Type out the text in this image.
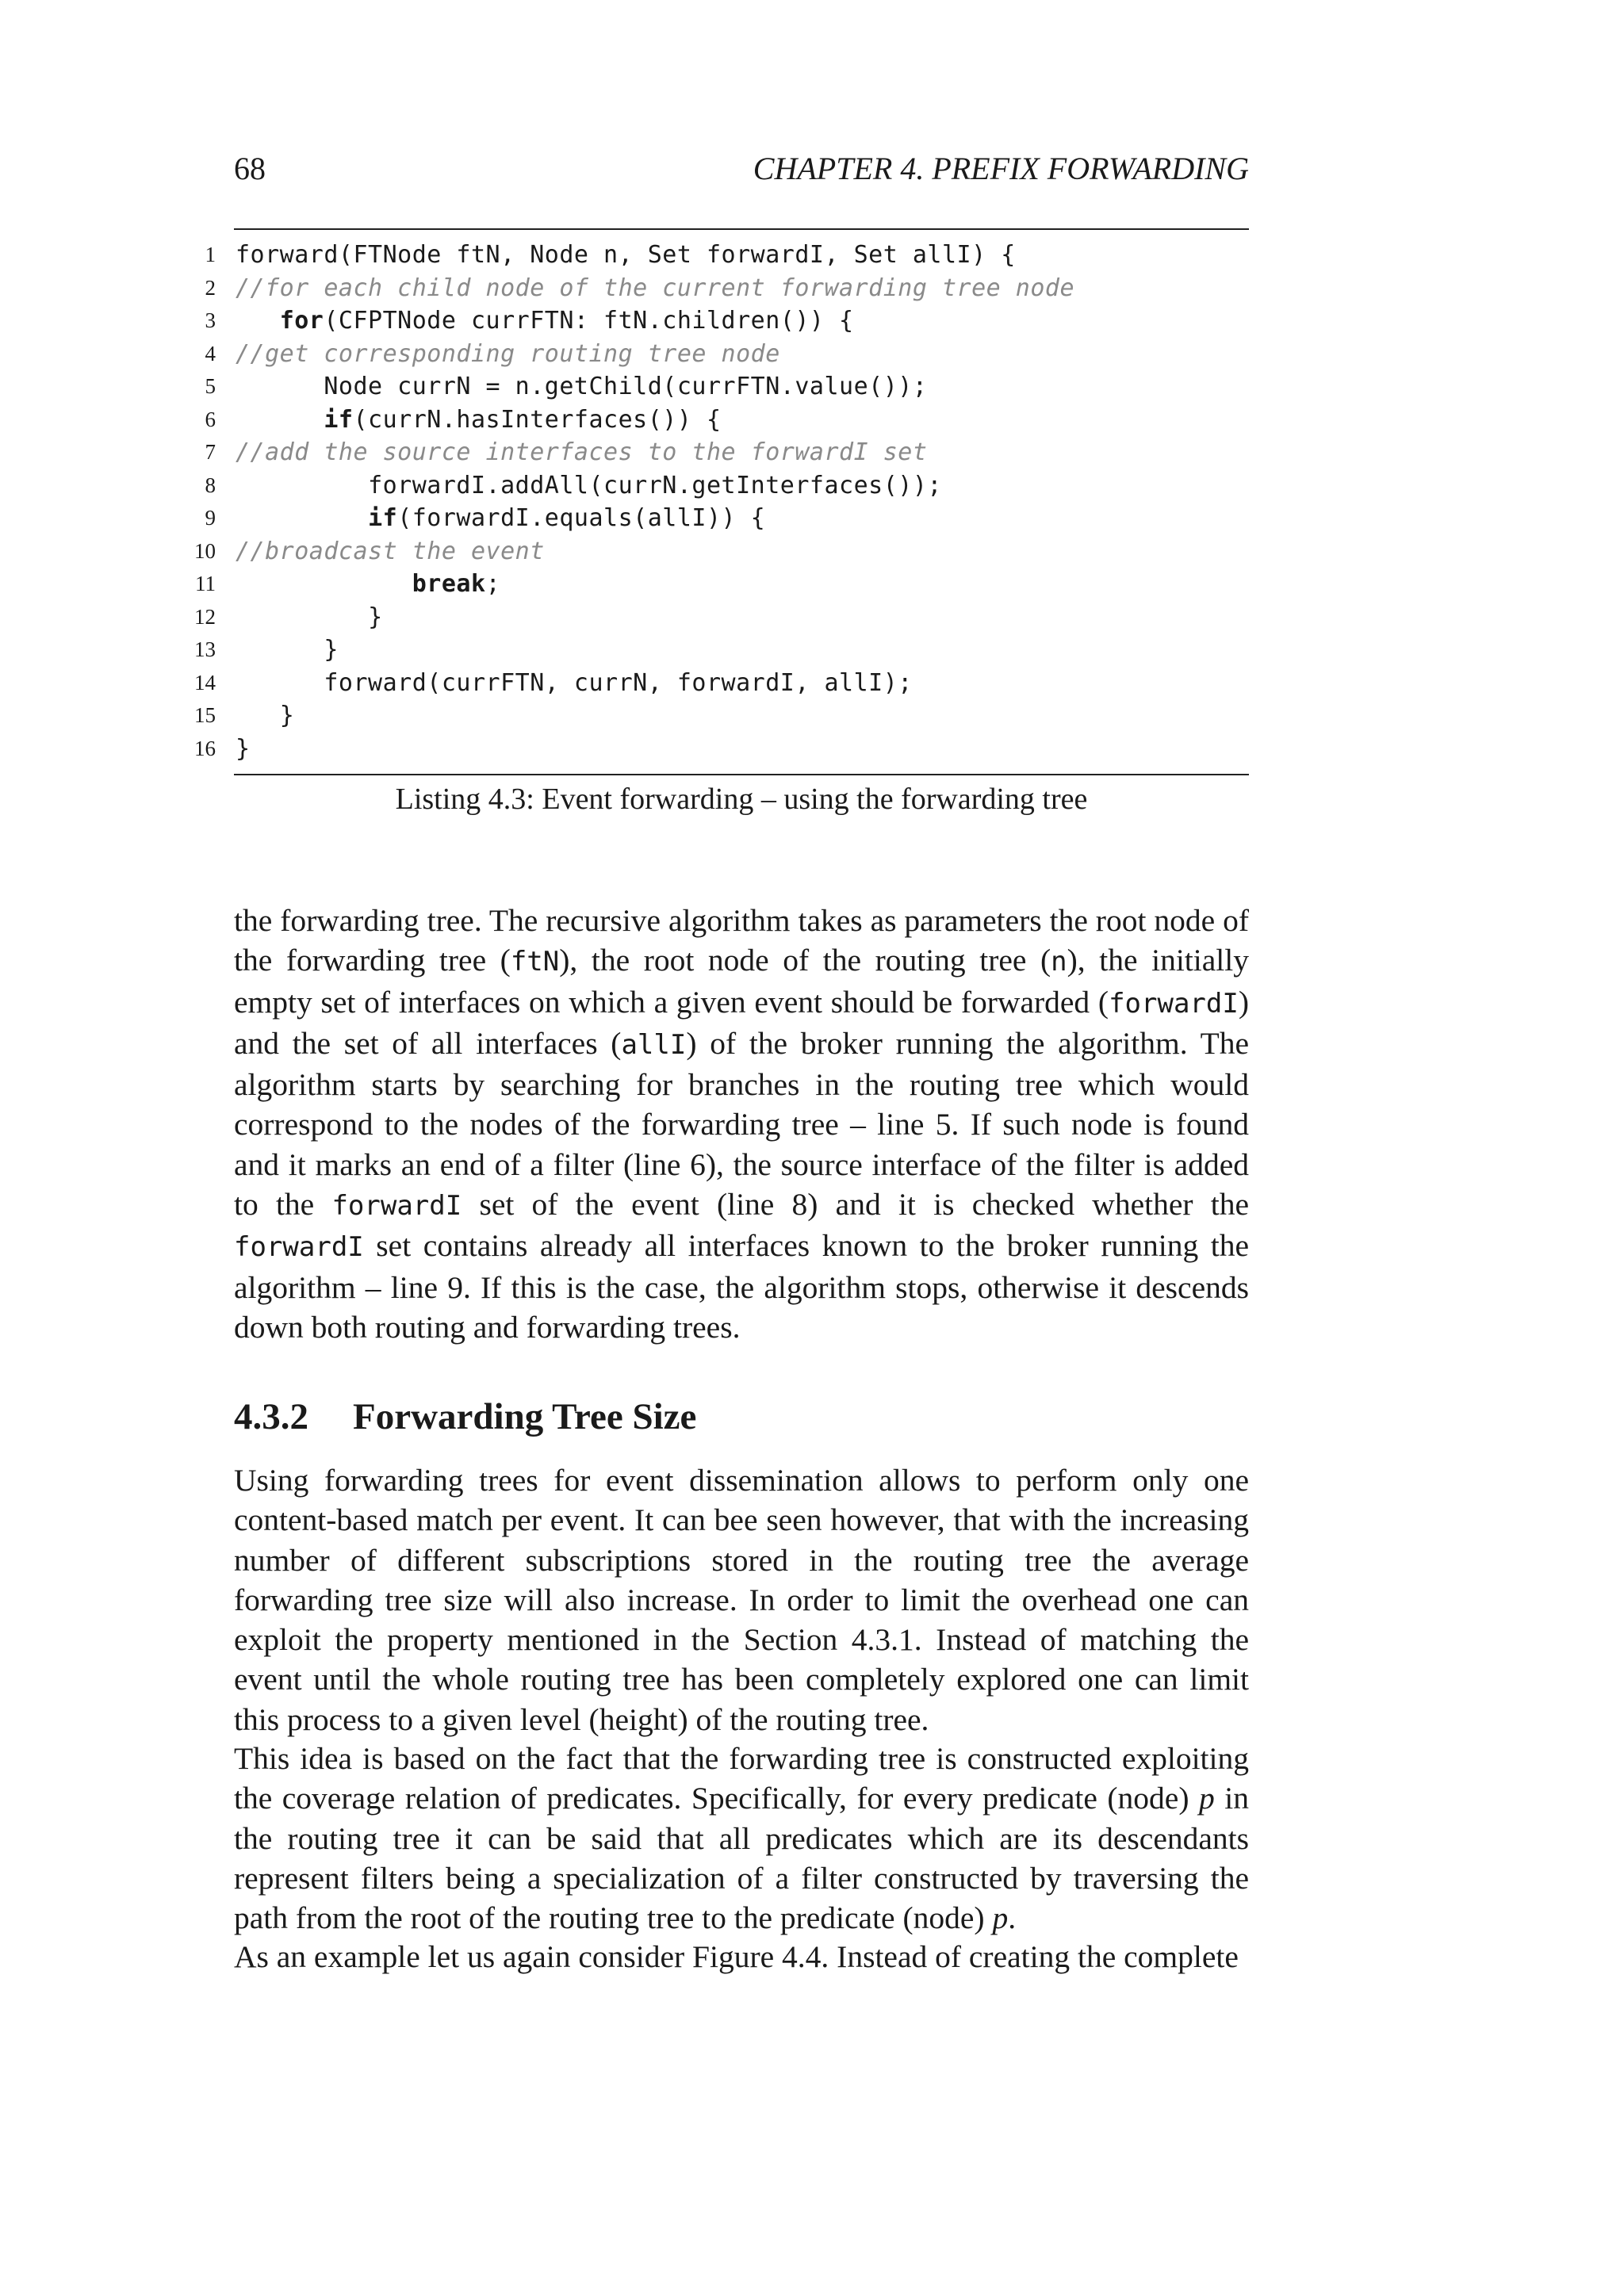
68	CHAPTER 4. PREFIX FORWARDING
1 forward(FTNode ftN, Node n, Set forwardI, Set allI) {
2 //for each child node of the current forwarding tree node
3	for(CFPTNode currFTN: ftN.children()) {
4 //get corresponding routing tree node
5	Node currN = n.getChild(currFTN.value());
6	if(currN.hasInterfaces()) {
7 //add the source interfaces to the forwardI set
8	forwardI.addAll(currN.getInterfaces());
9	if(forwardI.equals(allI)) {
10 //broadcast the event
11	break;
12	}
13	}
14	forward(currFTN, currN, forwardI, allI);
15	}
16 }
Listing 4.3: Event forwarding – using the forwarding tree
the forwarding tree. The recursive algorithm takes as parameters the root node of the forwarding tree (ftN), the root node of the routing tree (n), the initially empty set of interfaces on which a given event should be forwarded (forwardI) and the set of all interfaces (allI) of the broker running the algorithm. The algorithm starts by searching for branches in the routing tree which would correspond to the nodes of the forwarding tree – line 5. If such node is found and it marks an end of a filter (line 6), the source interface of the filter is added to the forwardI set of the event (line 8) and it is checked whether the forwardI set contains already all interfaces known to the broker running the algorithm – line 9. If this is the case, the algorithm stops, otherwise it descends down both routing and forwarding trees.
4.3.2 Forwarding Tree Size
Using forwarding trees for event dissemination allows to perform only one content-based match per event. It can bee seen however, that with the increasing number of different subscriptions stored in the routing tree the average forwarding tree size will also increase. In order to limit the overhead one can exploit the property mentioned in the Section 4.3.1. Instead of matching the event until the whole routing tree has been completely explored one can limit this process to a given level (height) of the routing tree.
This idea is based on the fact that the forwarding tree is constructed exploiting the coverage relation of predicates. Specifically, for every predicate (node) p in the routing tree it can be said that all predicates which are its descendants represent filters being a specialization of a filter constructed by traversing the path from the root of the routing tree to the predicate (node) p.
As an example let us again consider Figure 4.4. Instead of creating the complete
